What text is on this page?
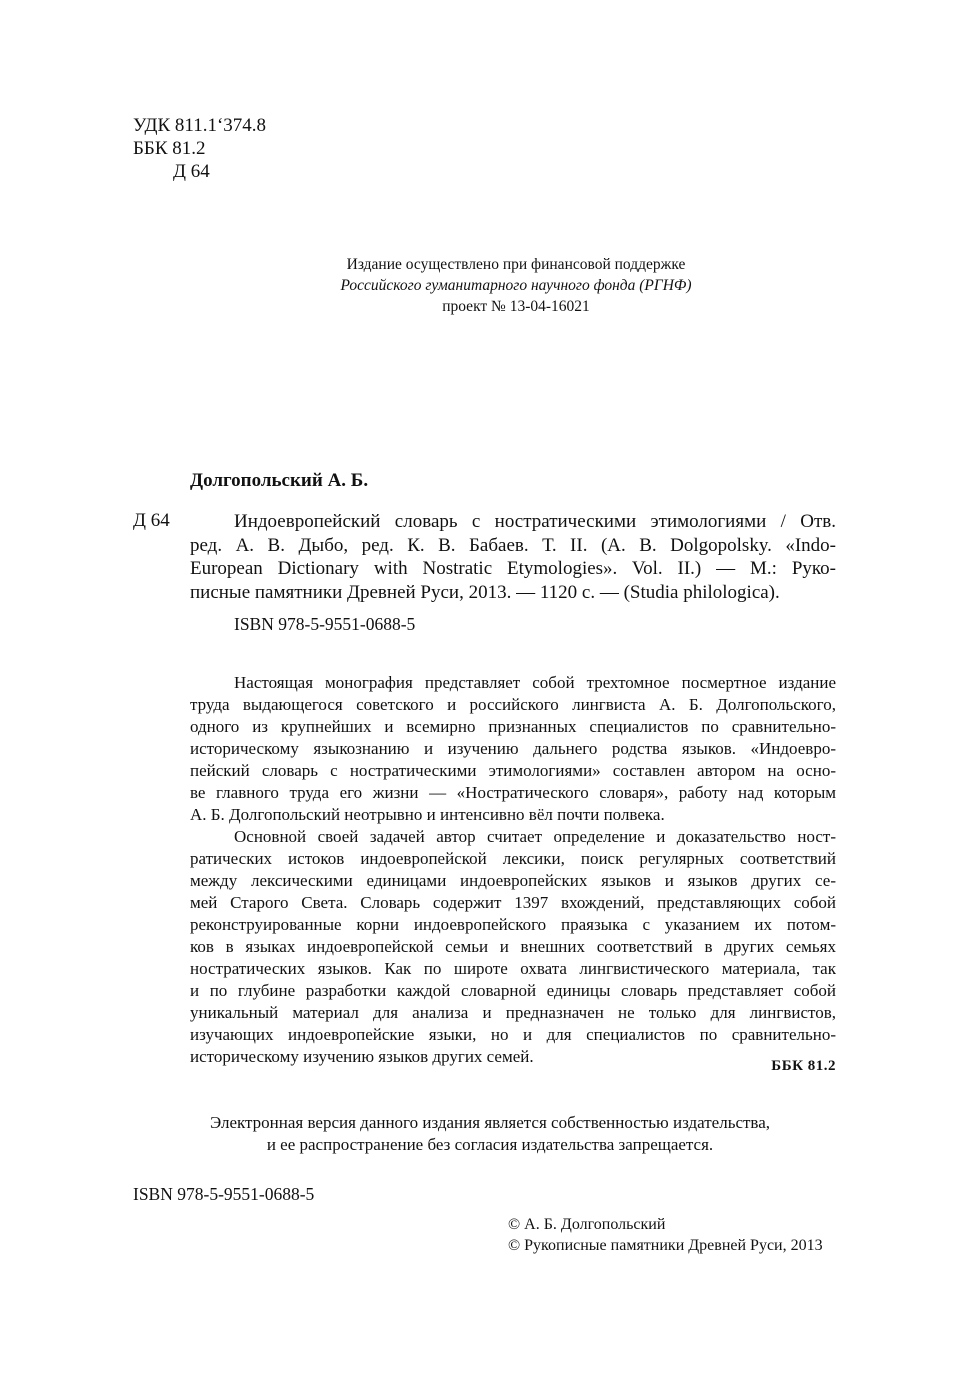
УДК 811.1‘374.8
ББК 81.2
Д 64
Издание осуществлено при финансовой поддержке
Российского гуманитарного научного фонда (РГНФ)
проект № 13-04-16021
Долгопольский А. Б.
Д 64	Индоевропейский словарь с ностратическими этимологиями / Отв.
ред. А. В. Дыбо, ред. К. В. Бабаев. Т. II. (A. B. Dolgopolsky. «Indo-
European Dictionary with Nostratic Etymologies». Vol. II.) — М.: Руко-
писные памятники Древней Руси, 2013. — 1120 с. — (Studia philologica).
ISBN 978-5-9551-0688-5
Настоящая монография представляет собой трехтомное посмертное издание
труда выдающегося советского и российского лингвиста А. Б. Долгопольского,
одного из крупнейших и всемирно признанных специалистов по сравнительно-
историческому языкознанию и изучению дальнего родства языков. «Индоевро-
пейский словарь с ностратическими этимологиями» составлен автором на осно-
ве главного труда его жизни — «Ностратического словаря», работу над которым
А. Б. Долгопольский неотрывно и интенсивно вёл почти полвека.
Основной своей задачей автор считает определение и доказательство ност-
ратических истоков индоевропейской лексики, поиск регулярных соответствий
между лексическими единицами индоевропейских языков и языков других се-
мей Старого Света. Словарь содержит 1397 вхождений, представляющих собой
реконструированные корни индоевропейского праязыка с указанием их потом-
ков в языках индоевропейской семьи и внешних соответствий в других семьях
ностратических языков. Как по широте охвата лингвистического материала, так
и по глубине разработки каждой словарной единицы словарь представляет собой
уникальный материал для анализа и предназначен не только для лингвистов,
изучающих индоевропейские языки, но и для специалистов по сравнительно-
историческому изучению языков других семей.	ББК 81.2
Электронная версия данного издания является собственностью издательства,
и ее распространение без согласия издательства запрещается.
ISBN 978-5-9551-0688-5
© А. Б. Долгопольский
© Рукописные памятники Древней Руси, 2013
